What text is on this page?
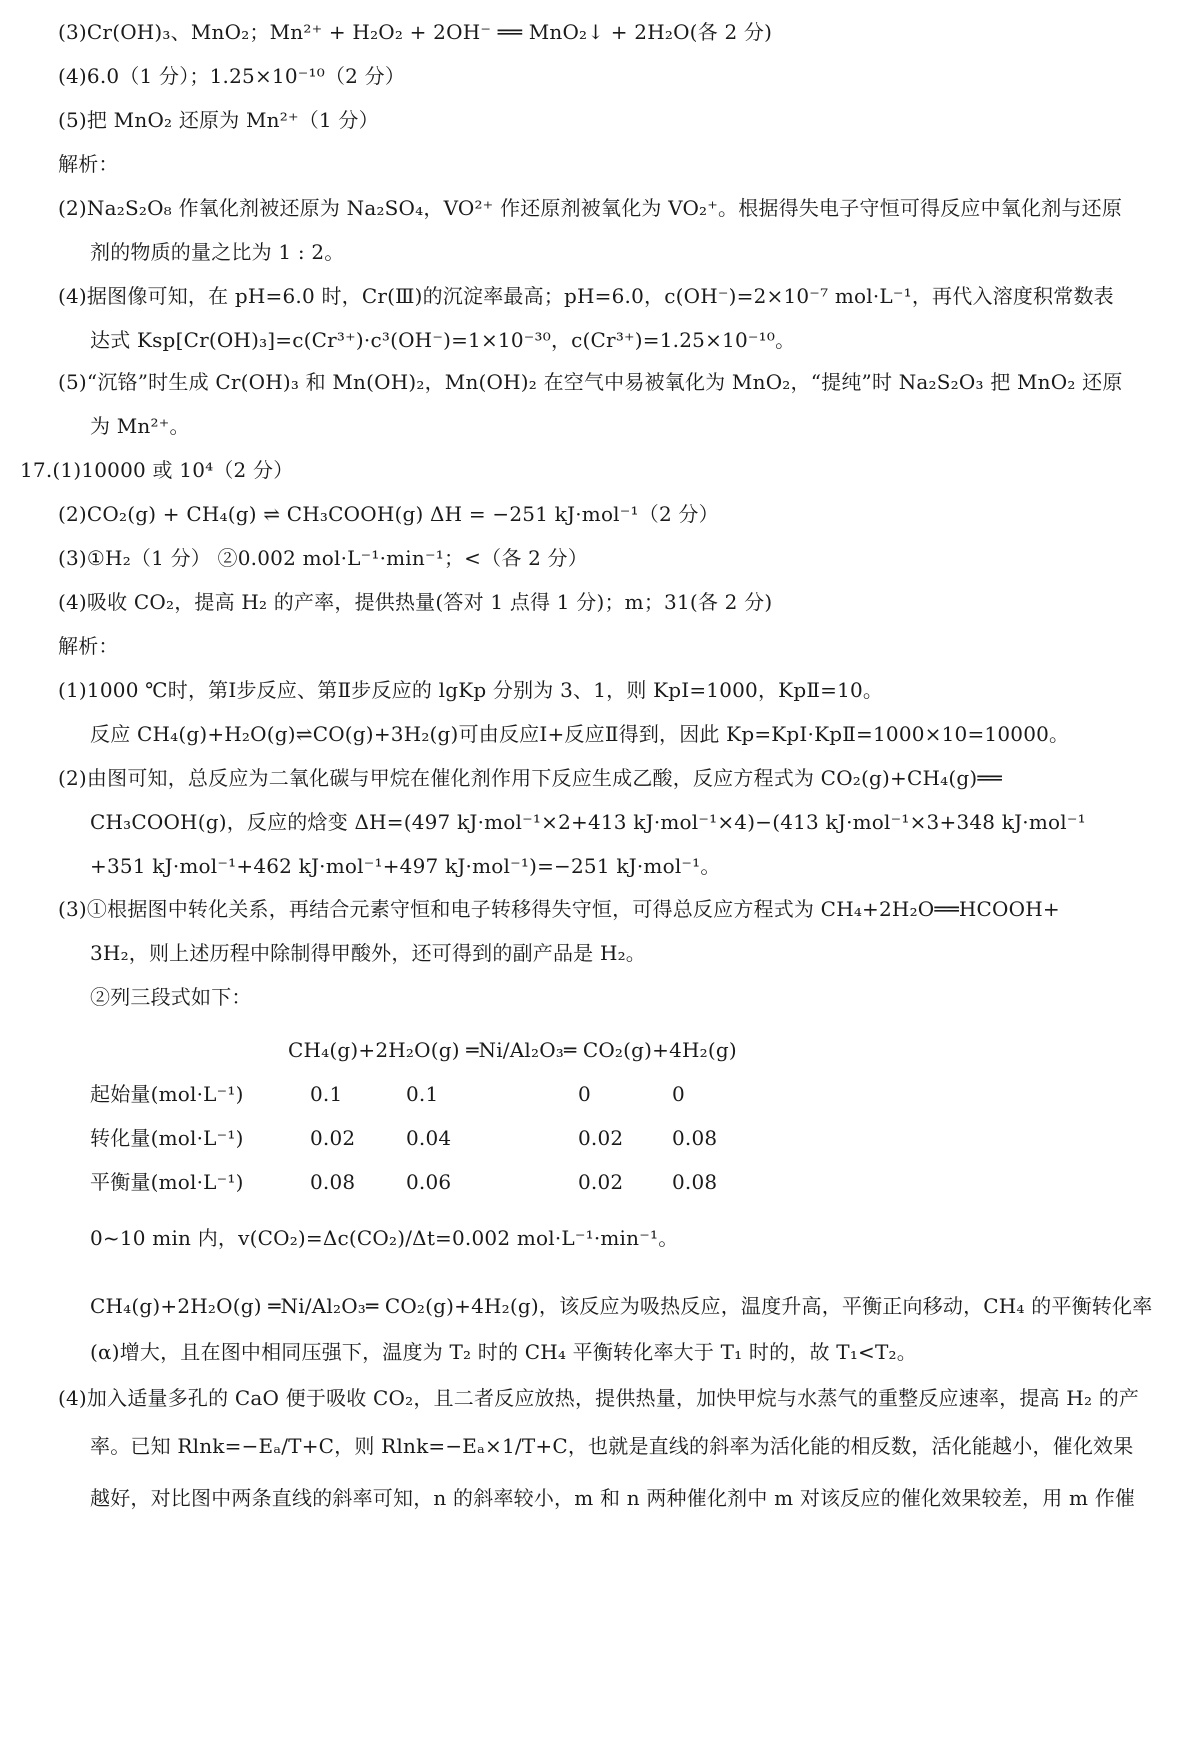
(3)Cr(OH)₃、MnO₂；Mn²⁺ + H₂O₂ + 2OH⁻ ══ MnO₂↓ + 2H₂O(各 2 分)
(4)6.0（1 分）；1.25×10⁻¹⁰（2 分）
(5)把 MnO₂ 还原为 Mn²⁺（1 分）
解析：
(2)Na₂S₂O₈ 作氧化剂被还原为 Na₂SO₄，VO²⁺ 作还原剂被氧化为 VO₂⁺。根据得失电子守恒可得反应中氧化剂与还原
剂的物质的量之比为 1 : 2。
(4)据图像可知，在 pH=6.0 时，Cr(Ⅲ)的沉淀率最高；pH=6.0，c(OH⁻)=2×10⁻⁷ mol·L⁻¹，再代入溶度积常数表
达式 Ksp[Cr(OH)₃]=c(Cr³⁺)·c³(OH⁻)=1×10⁻³⁰，c(Cr³⁺)=1.25×10⁻¹⁰。
(5)“沉铬”时生成 Cr(OH)₃ 和 Mn(OH)₂，Mn(OH)₂ 在空气中易被氧化为 MnO₂，“提纯”时 Na₂S₂O₃ 把 MnO₂ 还原
为 Mn²⁺。
17.(1)10000 或 10⁴（2 分）
(2)CO₂(g) + CH₄(g) ⇌ CH₃COOH(g) ΔH = −251 kJ·mol⁻¹（2 分）
(3)①H₂（1 分） ②0.002 mol·L⁻¹·min⁻¹；<（各 2 分）
(4)吸收 CO₂，提高 H₂ 的产率，提供热量(答对 1 点得 1 分)；m；31(各 2 分)
解析：
(1)1000 ℃时，第Ⅰ步反应、第Ⅱ步反应的 lgKp 分别为 3、1，则 KpⅠ=1000，KpⅡ=10。
反应 CH₄(g)+H₂O(g)⇌CO(g)+3H₂(g)可由反应Ⅰ+反应Ⅱ得到，因此 Kp=KpⅠ·KpⅡ=1000×10=10000。
(2)由图可知，总反应为二氧化碳与甲烷在催化剂作用下反应生成乙酸，反应方程式为 CO₂(g)+CH₄(g)══
CH₃COOH(g)，反应的焓变 ΔH=(497 kJ·mol⁻¹×2+413 kJ·mol⁻¹×4)−(413 kJ·mol⁻¹×3+348 kJ·mol⁻¹
+351 kJ·mol⁻¹+462 kJ·mol⁻¹+497 kJ·mol⁻¹)=−251 kJ·mol⁻¹。
(3)①根据图中转化关系，再结合元素守恒和电子转移得失守恒，可得总反应方程式为 CH₄+2H₂O══HCOOH+
3H₂，则上述历程中除制得甲酸外，还可得到的副产品是 H₂。
②列三段式如下：
CH₄(g)+2H₂O(g) ═Ni/Al₂O₃═ CO₂(g)+4H₂(g)
起始量(mol·L⁻¹)	0.1	0.1	0	0
转化量(mol·L⁻¹)	0.02	0.04	0.02 0.08
平衡量(mol·L⁻¹)	0.08	0.06	0.02 0.08
0~10 min 内，v(CO₂)=Δc(CO₂)/Δt=0.002 mol·L⁻¹·min⁻¹。
CH₄(g)+2H₂O(g) ═Ni/Al₂O₃═ CO₂(g)+4H₂(g)，该反应为吸热反应，温度升高，平衡正向移动，CH₄ 的平衡转化率
(α)增大，且在图中相同压强下，温度为 T₂ 时的 CH₄ 平衡转化率大于 T₁ 时的，故 T₁<T₂。
(4)加入适量多孔的 CaO 便于吸收 CO₂，且二者反应放热，提供热量，加快甲烷与水蒸气的重整反应速率，提高 H₂ 的产
率。已知 Rlnk=−Eₐ/T+C，则 Rlnk=−Eₐ×1/T+C，也就是直线的斜率为活化能的相反数，活化能越小，催化效果
越好，对比图中两条直线的斜率可知，n 的斜率较小，m 和 n 两种催化剂中 m 对该反应的催化效果较差，用 m 作催
